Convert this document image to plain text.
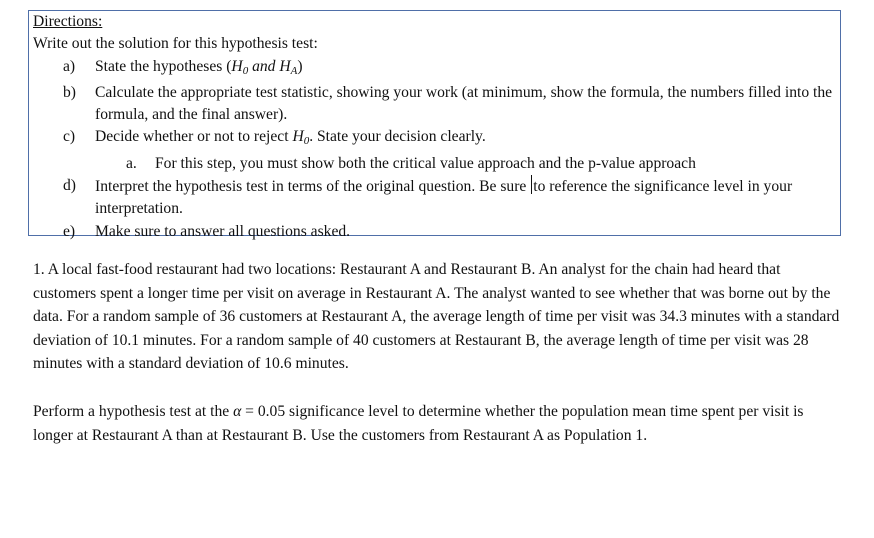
Directions:
Write out the solution for this hypothesis test:
a)	State the hypotheses ($H_0$ and $H_A$)
b)	Calculate the appropriate test statistic, showing your work (at minimum, show the formula, the numbers filled into the formula, and the final answer).
c)	Decide whether or not to reject $H_0$. State your decision clearly.
a.	For this step, you must show both the critical value approach and the p-value approach
d)	Interpret the hypothesis test in terms of the original question. Be sure to reference the significance level in your interpretation.
e)	Make sure to answer all questions asked.

1. A local fast-food restaurant had two locations: Restaurant A and Restaurant B. An analyst for the chain had heard that customers spent a longer time per visit on average in Restaurant A. The analyst wanted to see whether that was borne out by the data. For a random sample of 36 customers at Restaurant A, the average length of time per visit was 34.3 minutes with a standard deviation of 10.1 minutes. For a random sample of 40 customers at Restaurant B, the average length of time per visit was 28 minutes with a standard deviation of 10.6 minutes.

Perform a hypothesis test at the α = 0.05 significance level to determine whether the population mean time spent per visit is longer at Restaurant A than at Restaurant B. Use the customers from Restaurant A as Population 1.
